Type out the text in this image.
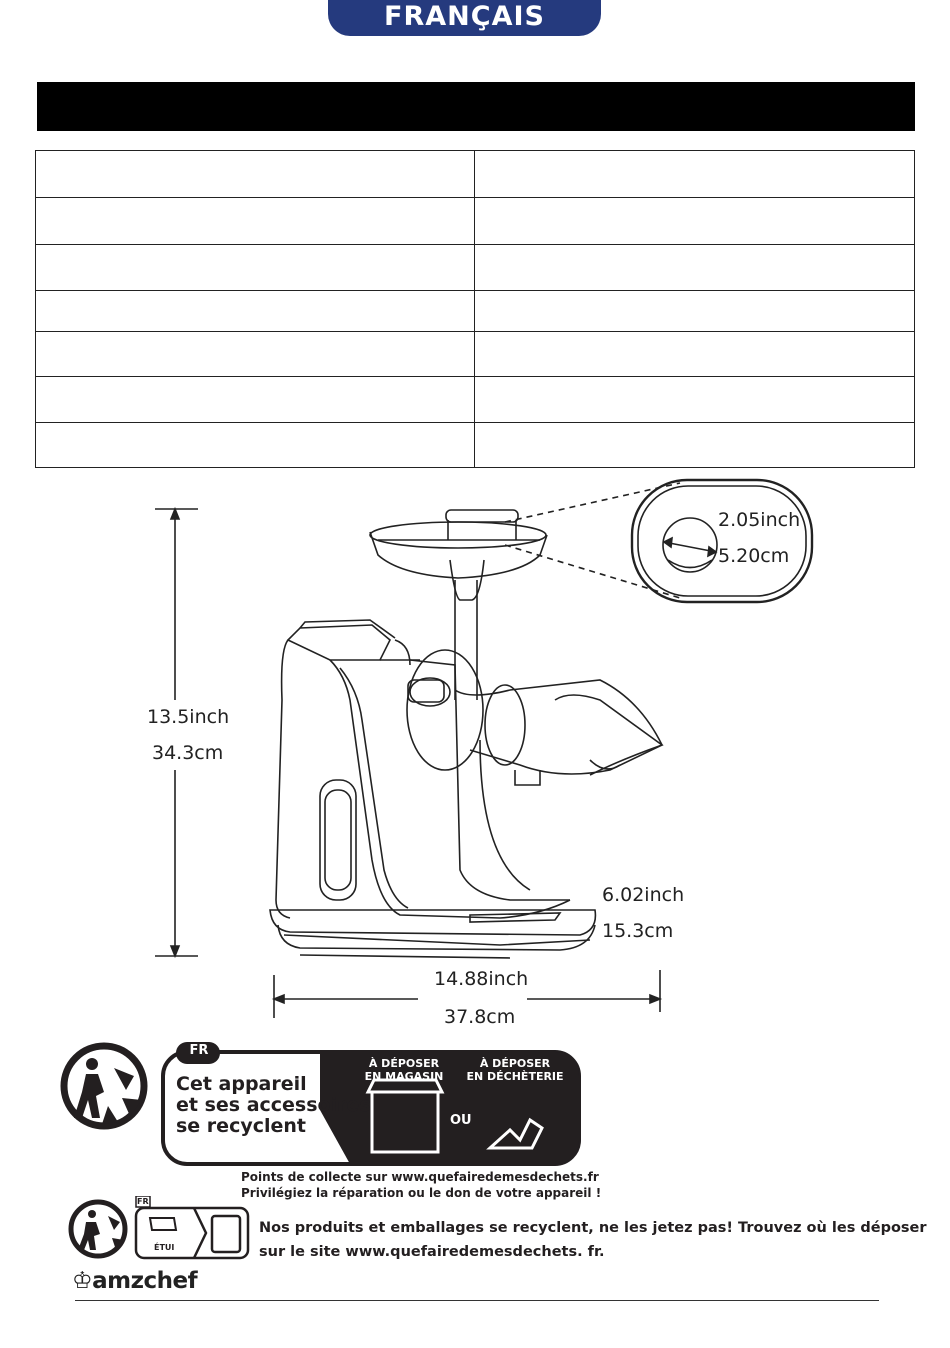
FRANÇAIS

13.5inch
34.3cm
14.88inch
37.8cm
6.02inch
15.3cm
2.05inch
5.20cm
FR
Cet appareil
et ses accessoires
se recyclent
À DÉPOSER
EN MAGASIN
OU
À DÉPOSER
EN DÉCHÈTERIE
Points de collecte sur www.quefairedemesdechets.fr
Privilégiez la réparation ou le don de votre appareil !
FR
ÉTUI
Nos produits et emballages se recyclent, ne les jetez pas! Trouvez où les déposer
sur le site www.quefairedemesdechets. fr.
♔amzchef
